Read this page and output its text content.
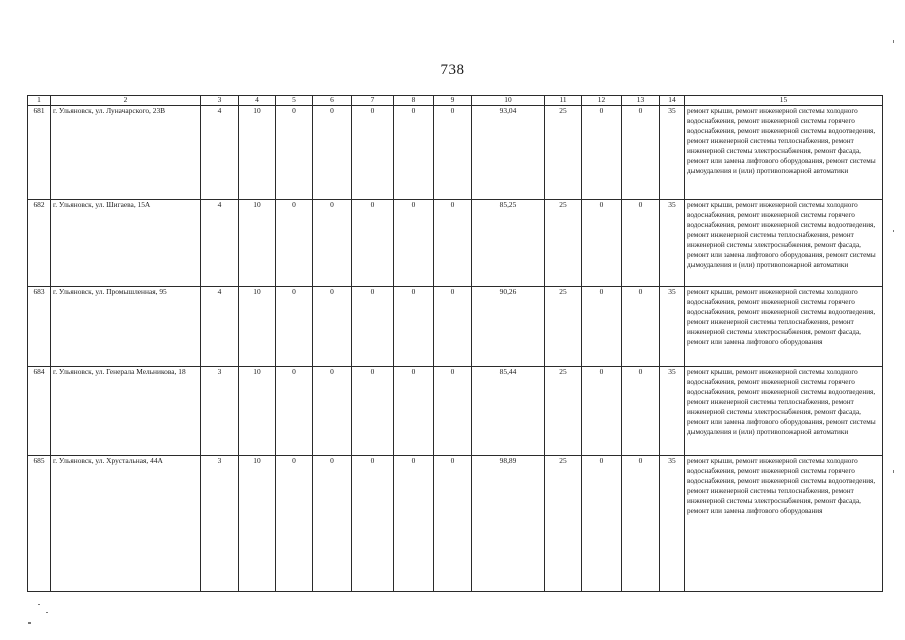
738
1	2	3	4	5	6	7	8	9	10	11	12	13	14	15
681	г. Ульяновск, ул. Луначарского, 23В	4	10	0	0	0	0	0	93,04	25	0	0	35	ремонт крыши, ремонт инженерной системы холодного водоснабжения, ремонт инженерной системы горячего водоснабжения, ремонт инженерной системы водоотведения, ремонт инженерной системы теплоснабжения, ремонт инженерной системы электроснабжения, ремонт фасада, ремонт или замена лифтового оборудования, ремонт системы дымоудаления и (или) противопожарной автоматики
682	г. Ульяновск, ул. Шигаева, 15А	4	10	0	0	0	0	0	85,25	25	0	0	35	ремонт крыши, ремонт инженерной системы холодного водоснабжения, ремонт инженерной системы горячего водоснабжения, ремонт инженерной системы водоотведения, ремонт инженерной системы теплоснабжения, ремонт инженерной системы электроснабжения, ремонт фасада, ремонт или замена лифтового оборудования, ремонт системы дымоудаления и (или) противопожарной автоматики
683	г. Ульяновск, ул. Промышленная, 95	4	10	0	0	0	0	0	90,26	25	0	0	35	ремонт крыши, ремонт инженерной системы холодного водоснабжения, ремонт инженерной системы горячего водоснабжения, ремонт инженерной системы водоотведения, ремонт инженерной системы теплоснабжения, ремонт инженерной системы электроснабжения, ремонт фасада, ремонт или замена лифтового оборудования
684	г. Ульяновск, ул. Генерала Мельникова, 18	3	10	0	0	0	0	0	85,44	25	0	0	35	ремонт крыши, ремонт инженерной системы холодного водоснабжения, ремонт инженерной системы горячего водоснабжения, ремонт инженерной системы водоотведения, ремонт инженерной системы теплоснабжения, ремонт инженерной системы электроснабжения, ремонт фасада, ремонт или замена лифтового оборудования, ремонт системы дымоудаления и (или) противопожарной автоматики
685	г. Ульяновск, ул. Хрустальная, 44А	3	10	0	0	0	0	0	98,89	25	0	0	35	ремонт крыши, ремонт инженерной системы холодного водоснабжения, ремонт инженерной системы горячего водоснабжения, ремонт инженерной системы водоотведения, ремонт инженерной системы теплоснабжения, ремонт инженерной системы электроснабжения, ремонт фасада, ремонт или замена лифтового оборудования
